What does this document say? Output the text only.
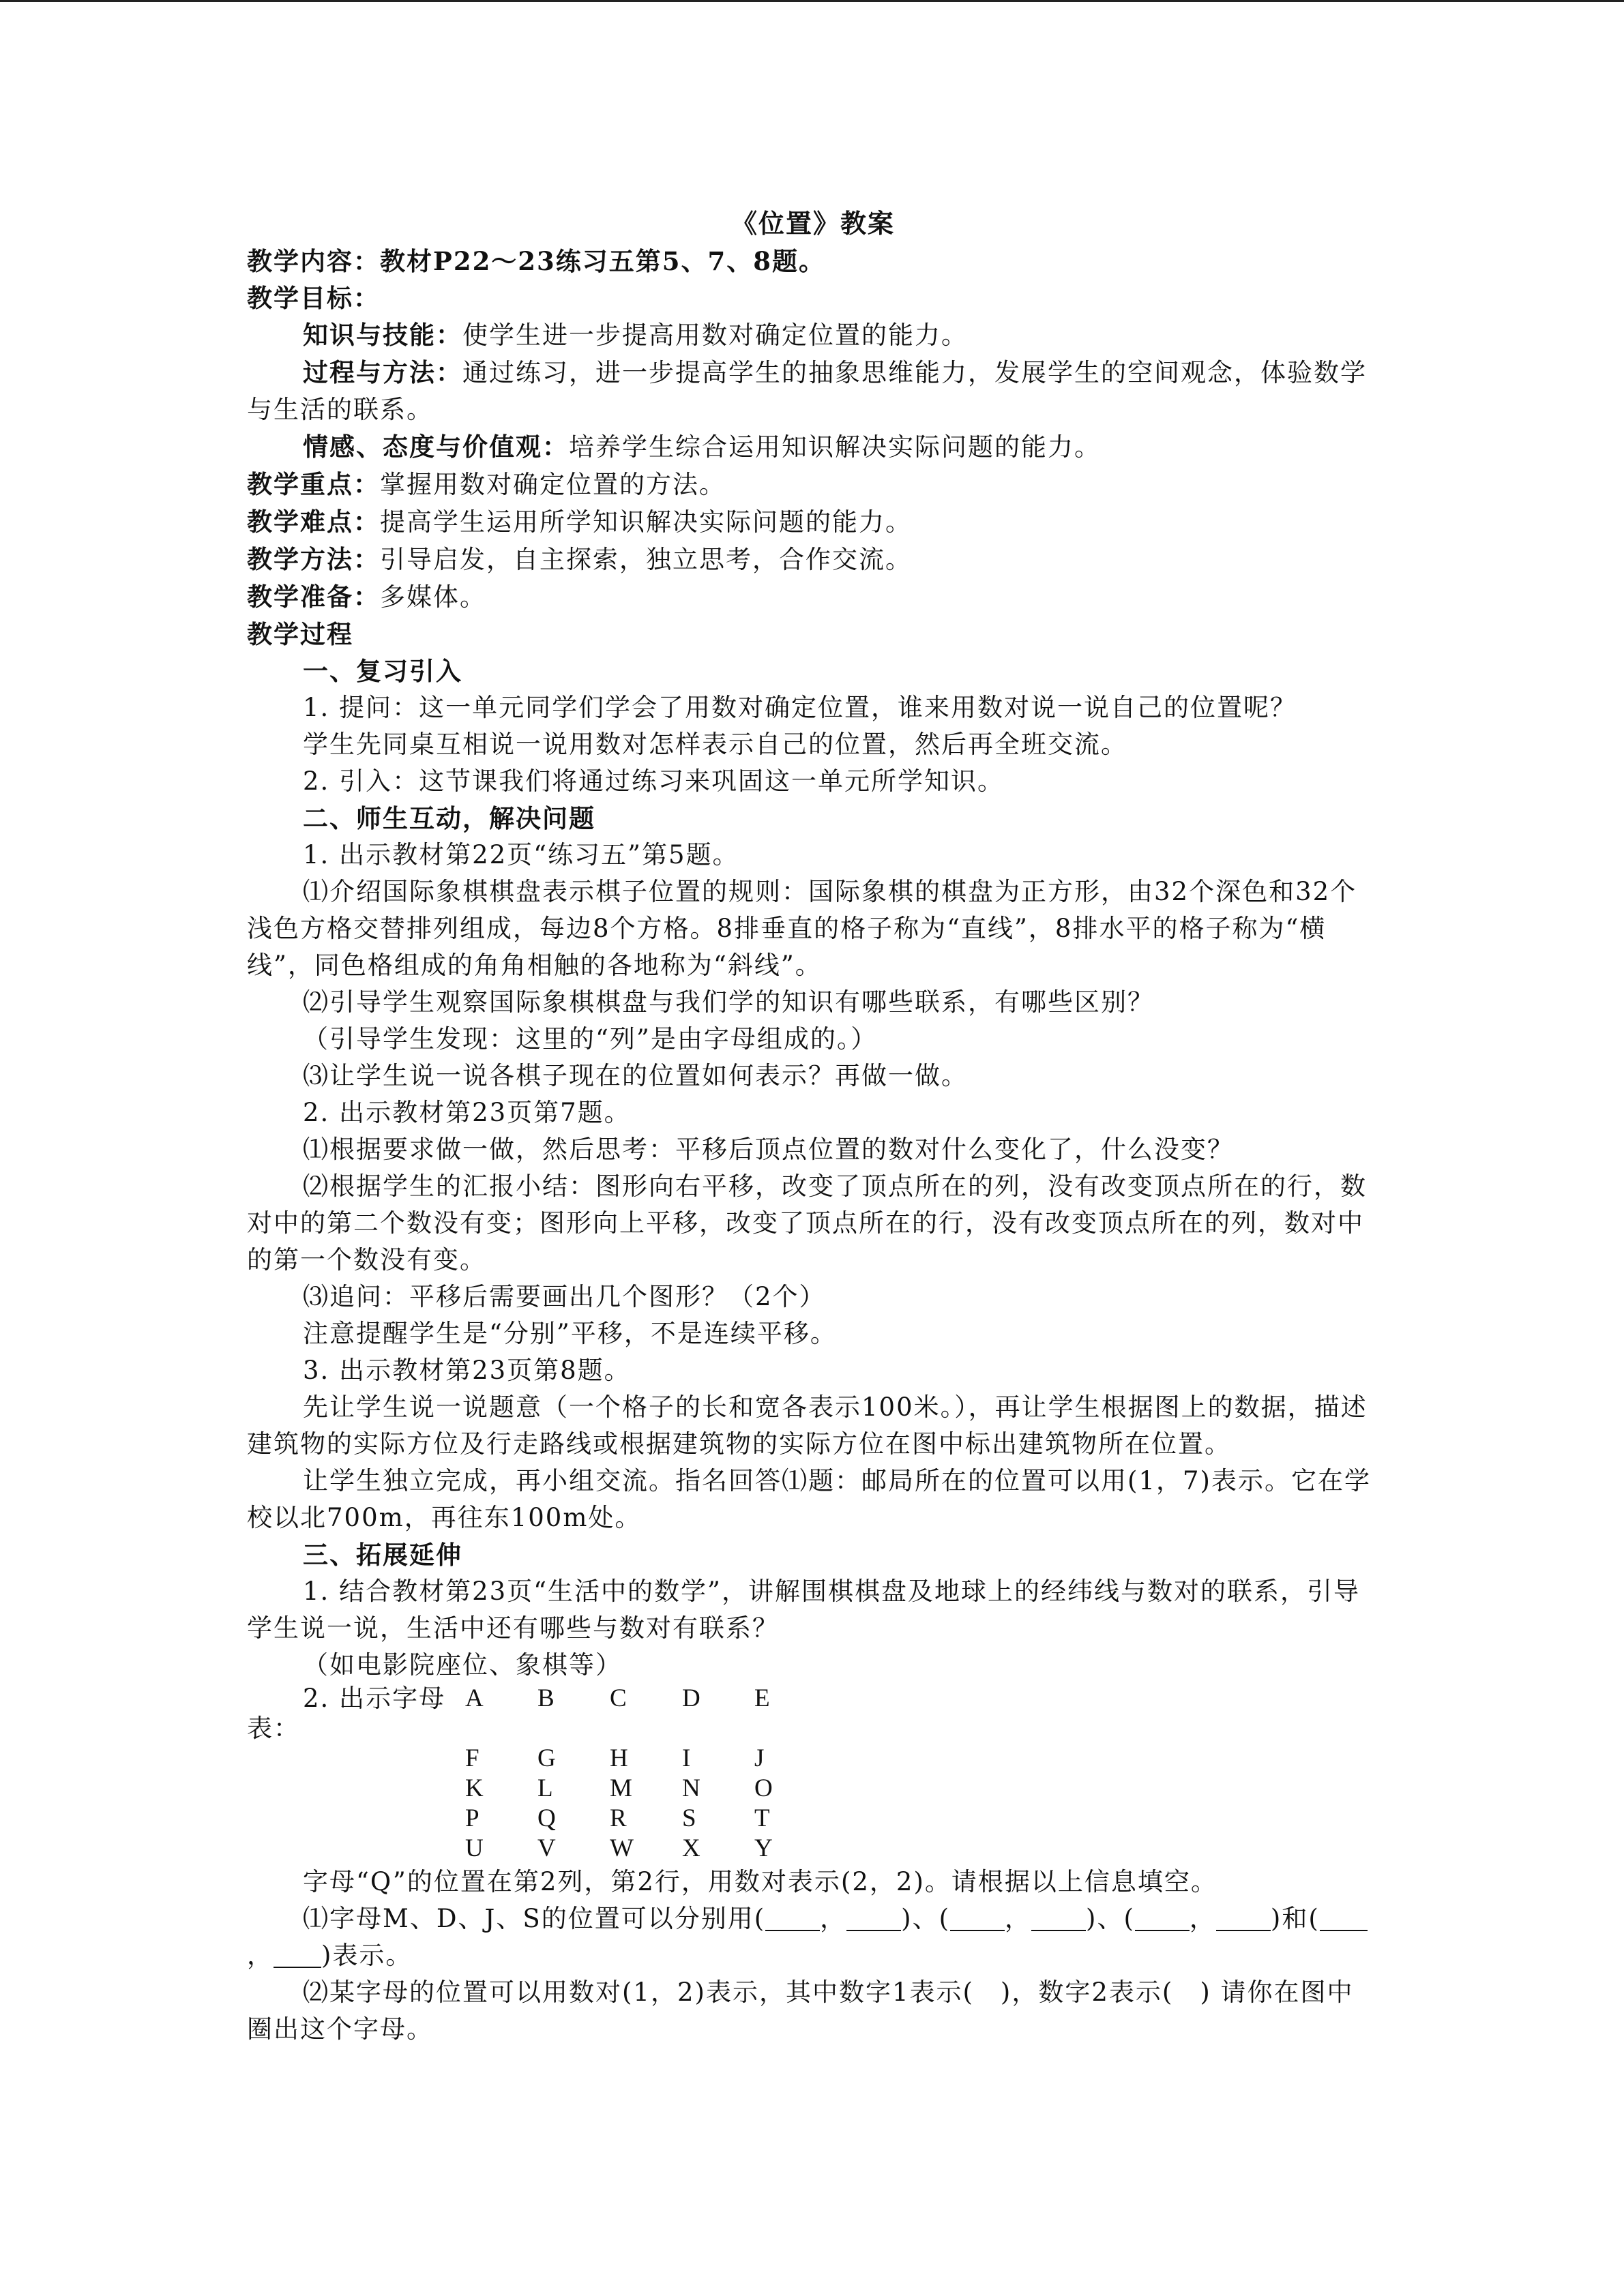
《位置》教案

教学内容：教材P22～23练习五第5、7、8题。

教学目标：

知识与技能：使学生进一步提高用数对确定位置的能力。

过程与方法：通过练习，进一步提高学生的抽象思维能力，发展学生的空间观念，体验数学与生活的联系。

情感、态度与价值观：培养学生综合运用知识解决实际问题的能力。

教学重点：掌握用数对确定位置的方法。

教学难点：提高学生运用所学知识解决实际问题的能力。

教学方法：引导启发，自主探索，独立思考，合作交流。

教学准备：多媒体。

教学过程

一、复习引入

1. 提问：这一单元同学们学会了用数对确定位置，谁来用数对说一说自己的位置呢？

学生先同桌互相说一说用数对怎样表示自己的位置，然后再全班交流。

2. 引入：这节课我们将通过练习来巩固这一单元所学知识。

二、师生互动，解决问题

1. 出示教材第22页“练习五”第5题。

⑴介绍国际象棋棋盘表示棋子位置的规则：国际象棋的棋盘为正方形，由32个深色和32个浅色方格交替排列组成，每边8个方格。8排垂直的格子称为“直线”，8排水平的格子称为“横线”，同色格组成的角角相触的各地称为“斜线”。

⑵引导学生观察国际象棋棋盘与我们学的知识有哪些联系，有哪些区别？

（引导学生发现：这里的“列”是由字母组成的。）

⑶让学生说一说各棋子现在的位置如何表示？再做一做。

2. 出示教材第23页第7题。

⑴根据要求做一做，然后思考：平移后顶点位置的数对什么变化了，什么没变？

⑵根据学生的汇报小结：图形向右平移，改变了顶点所在的列，没有改变顶点所在的行，数对中的第二个数没有变；图形向上平移，改变了顶点所在的行，没有改变顶点所在的列，数对中的第一个数没有变。

⑶追问：平移后需要画出几个图形？（2个）

注意提醒学生是“分别”平移，不是连续平移。

3. 出示教材第23页第8题。

先让学生说一说题意（一个格子的长和宽各表示100米。），再让学生根据图上的数据，描述建筑物的实际方位及行走路线或根据建筑物的实际方位在图中标出建筑物所在位置。

让学生独立完成，再小组交流。指名回答⑴题：邮局所在的位置可以用(1，7)表示。它在学校以北700m，再往东100m处。

三、拓展延伸

1. 结合教材第23页“生活中的数学”，讲解围棋棋盘及地球上的经纬线与数对的联系，引导学生说一说，生活中还有哪些与数对有联系？

（如电影院座位、象棋等）

2. 出示字母表：
A	B	C	D	E
F	G	H	I	J
K	L	M	N	O
P	Q	R	S	T
U	V	W	X	Y

字母“Q”的位置在第2列，第2行，用数对表示(2，2)。请根据以上信息填空。

⑴字母M、D、J、S的位置可以分别用( ， )、( ， )、( ， )和(， )表示。

⑵某字母的位置可以用数对(1，2)表示，其中数字1表示(　)，数字2表示(　) 请你在图中圈出这个字母。
